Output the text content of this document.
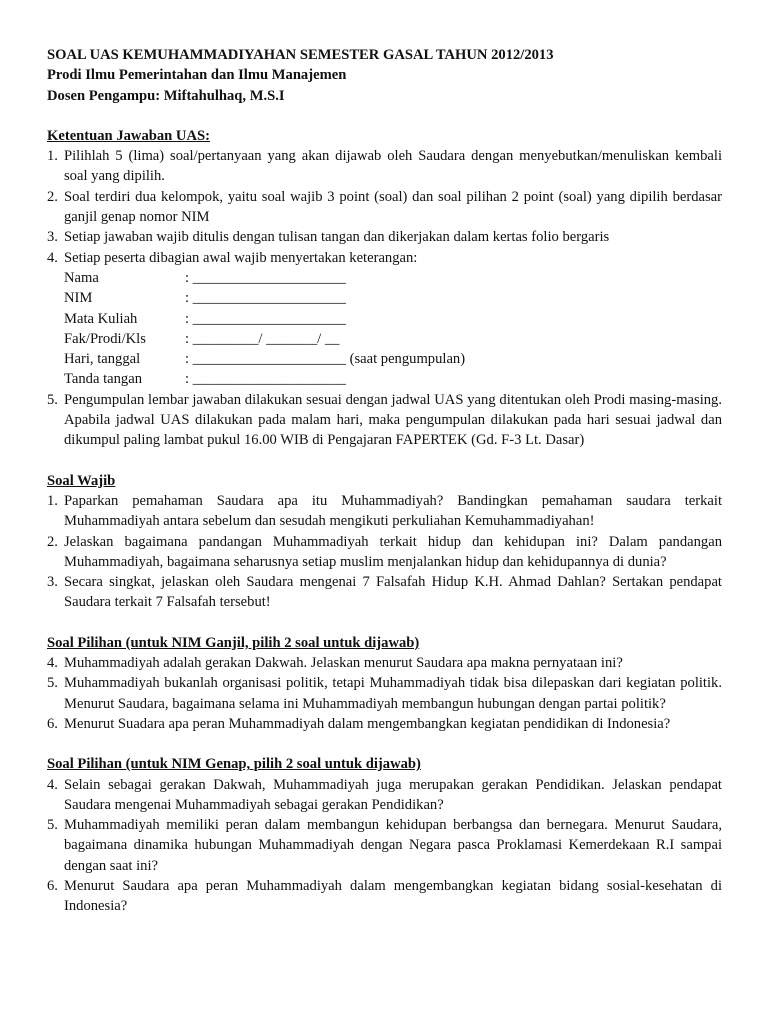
SOAL UAS KEMUHAMMADIYAHAN SEMESTER GASAL TAHUN 2012/2013
Prodi Ilmu Pemerintahan dan Ilmu Manajemen
Dosen Pengampu: Miftahulhaq, M.S.I
Ketentuan Jawaban UAS:
1. Pilihlah 5 (lima) soal/pertanyaan yang akan dijawab oleh Saudara dengan menyebutkan/menuliskan kembali soal yang dipilih.
2. Soal terdiri dua kelompok, yaitu soal wajib 3 point (soal) dan soal pilihan 2 point (soal) yang dipilih berdasar ganjil genap nomor NIM
3. Setiap jawaban wajib ditulis dengan tulisan tangan dan dikerjakan dalam kertas folio bergaris
4. Setiap peserta dibagian awal wajib menyertakan keterangan:
Nama	: _____________________
NIM	: _____________________
Mata Kuliah	: _____________________
Fak/Prodi/Kls	: _________/ _______/ __
Hari, tanggal	: _____________________ (saat pengumpulan)
Tanda tangan	: _____________________
5. Pengumpulan lembar jawaban dilakukan sesuai dengan jadwal UAS yang ditentukan oleh Prodi masing-masing. Apabila jadwal UAS dilakukan pada malam hari, maka pengumpulan dilakukan pada hari sesuai jadwal dan dikumpul paling lambat pukul 16.00 WIB di Pengajaran FAPERTEK (Gd. F-3 Lt. Dasar)
Soal Wajib
1. Paparkan pemahaman Saudara apa itu Muhammadiyah? Bandingkan pemahaman saudara terkait Muhammadiyah antara sebelum dan sesudah mengikuti perkuliahan Kemuhammadiyahan!
2. Jelaskan bagaimana pandangan Muhammadiyah terkait hidup dan kehidupan ini? Dalam pandangan Muhammadiyah, bagaimana seharusnya setiap muslim menjalankan hidup dan kehidupannya di dunia?
3. Secara singkat, jelaskan oleh Saudara mengenai 7 Falsafah Hidup K.H. Ahmad Dahlan? Sertakan pendapat Saudara terkait 7 Falsafah tersebut!
Soal Pilihan (untuk NIM Ganjil, pilih 2 soal untuk dijawab)
4. Muhammadiyah adalah gerakan Dakwah. Jelaskan menurut Saudara apa makna pernyataan ini?
5. Muhammadiyah bukanlah organisasi politik, tetapi Muhammadiyah tidak bisa dilepaskan dari kegiatan politik. Menurut Saudara, bagaimana selama ini Muhammadiyah membangun hubungan dengan partai politik?
6. Menurut Suadara apa peran Muhammadiyah dalam mengembangkan kegiatan pendidikan di Indonesia?
Soal Pilihan (untuk NIM Genap, pilih 2 soal untuk dijawab)
4. Selain sebagai gerakan Dakwah, Muhammadiyah juga merupakan gerakan Pendidikan. Jelaskan pendapat Saudara mengenai Muhammadiyah sebagai gerakan Pendidikan?
5. Muhammadiyah memiliki peran dalam membangun kehidupan berbangsa dan bernegara. Menurut Saudara, bagaimana dinamika hubungan Muhammadiyah dengan Negara pasca Proklamasi Kemerdekaan R.I sampai dengan saat ini?
6. Menurut Saudara apa peran Muhammadiyah dalam mengembangkan kegiatan bidang sosial-kesehatan di Indonesia?
